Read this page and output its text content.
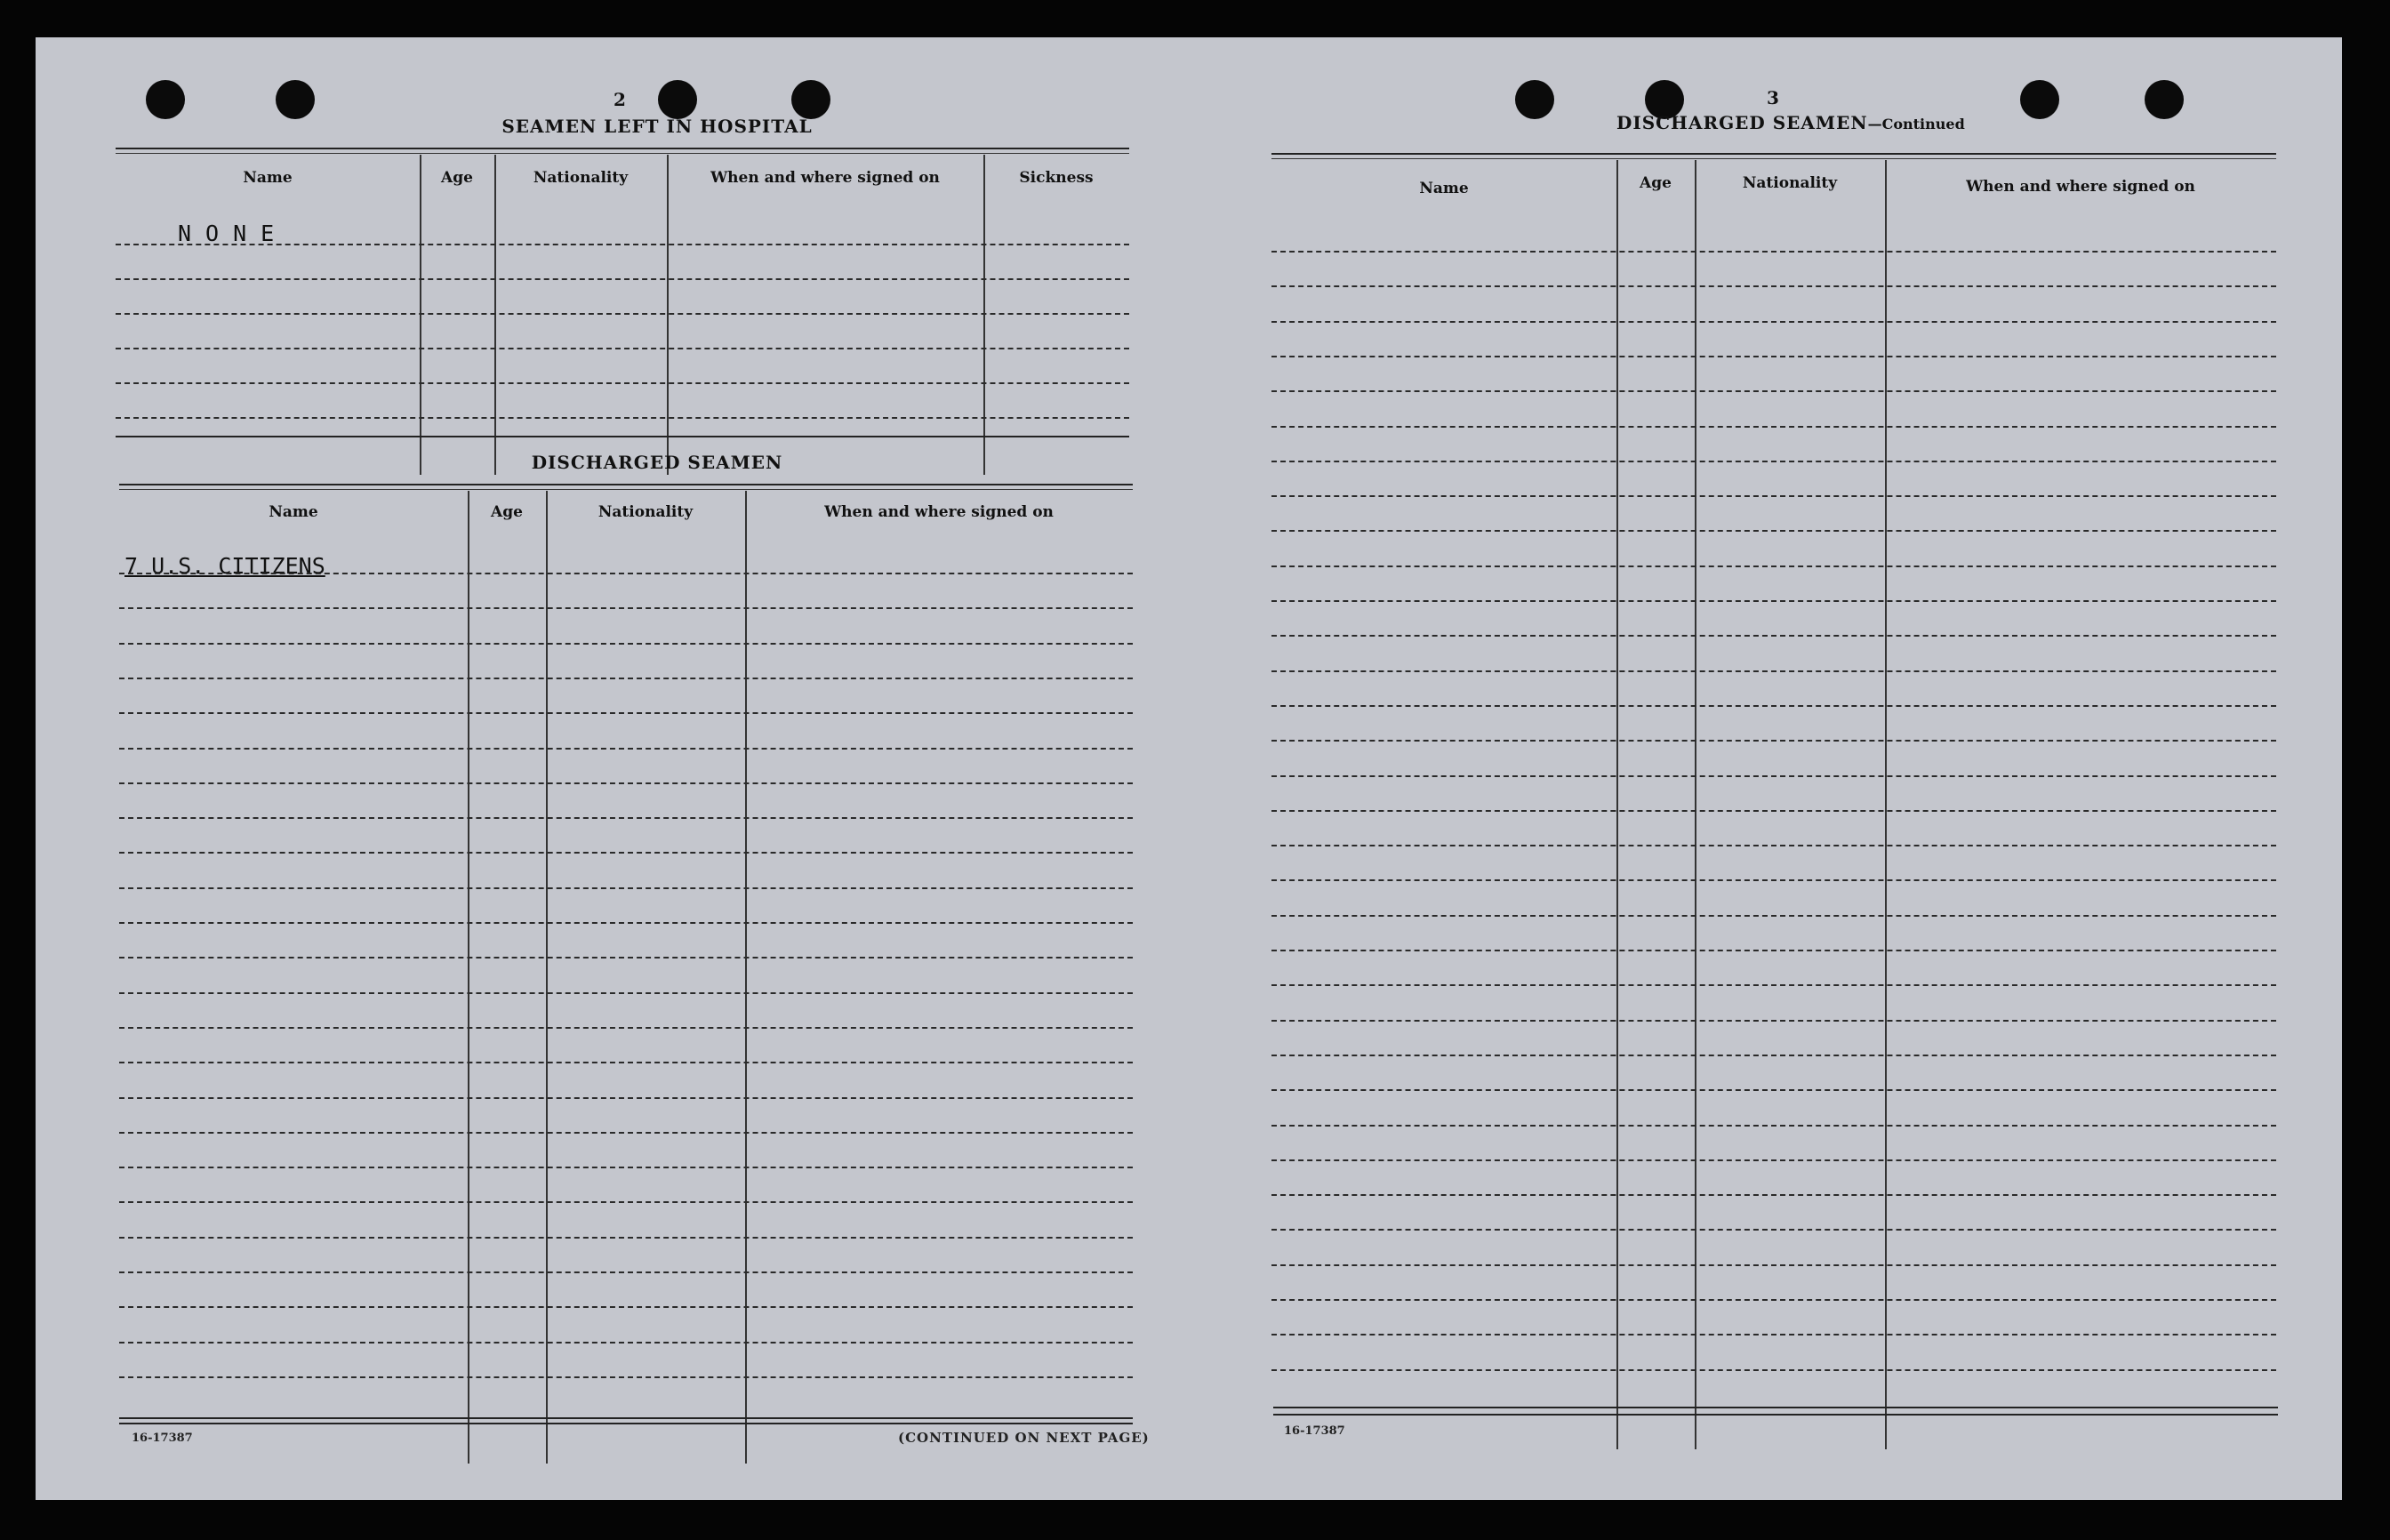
2
SEAMEN LEFT IN HOSPITAL
Name	Age	Nationality	When and where signed on	Sickness
NONE
DISCHARGED SEAMEN
Name	Age	Nationality	When and where signed on
7 U.S. CITIZENS
16-17387	(CONTINUED ON NEXT PAGE)
3
DISCHARGED SEAMEN—Continued
Name	Age	Nationality	When and where signed on
16-17387
